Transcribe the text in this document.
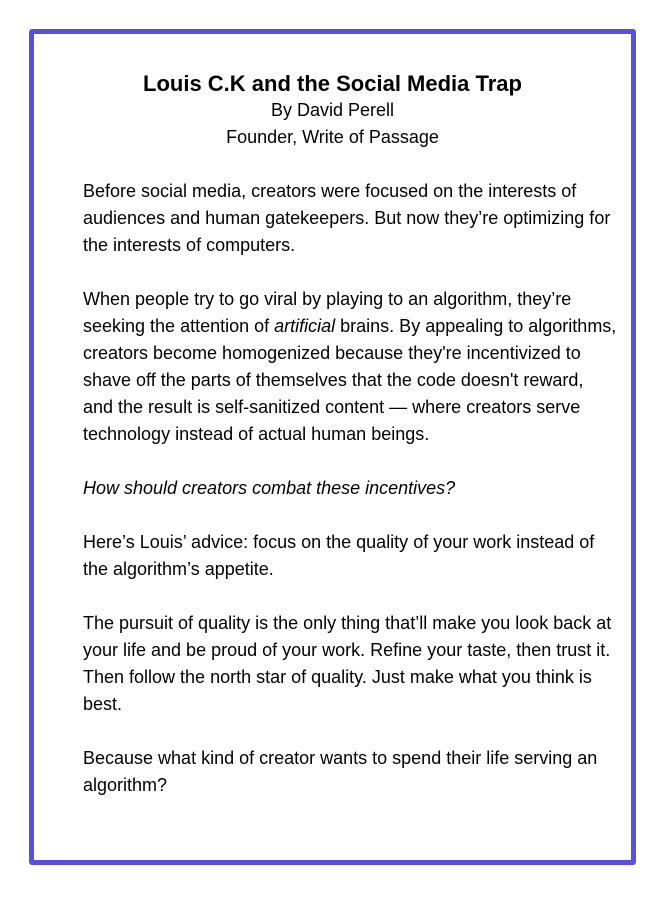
Louis C.K and the Social Media Trap

By David Perell

Founder, Write of Passage

Before social media, creators were focused on the interests of audiences and human gatekeepers. But now they’re optimizing for the interests of computers.

When people try to go viral by playing to an algorithm, they’re seeking the attention of artificial brains. By appealing to algorithms, creators become homogenized because they're incentivized to shave off the parts of themselves that the code doesn't reward, and the result is self-sanitized content — where creators serve technology instead of actual human beings.

How should creators combat these incentives?

Here’s Louis’ advice: focus on the quality of your work instead of the algorithm’s appetite.

The pursuit of quality is the only thing that’ll make you look back at your life and be proud of your work. Refine your taste, then trust it. Then follow the north star of quality. Just make what you think is best.

Because what kind of creator wants to spend their life serving an algorithm?
